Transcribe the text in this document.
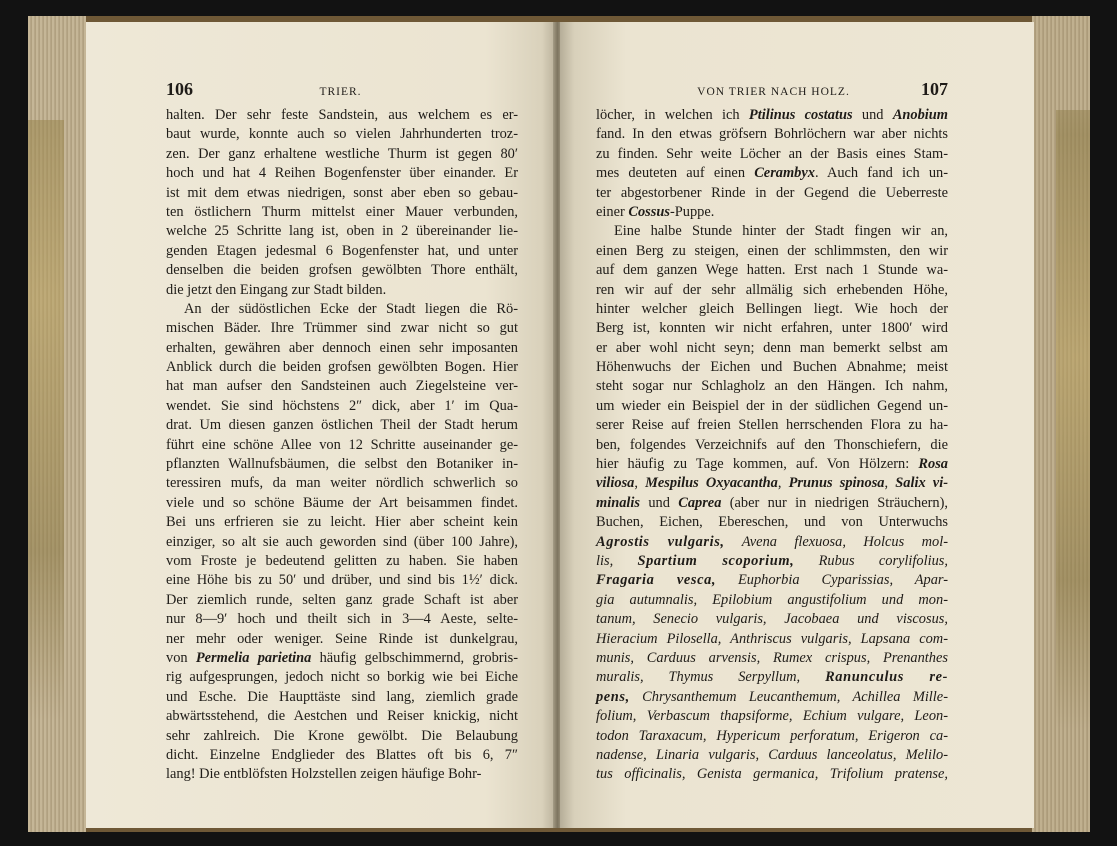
106	TRIER.
halten. Der sehr feste Sandstein, aus welchem es er-
baut wurde, konnte auch so vielen Jahrhunderten troz-
zen. Der ganz erhaltene westliche Thurm ist gegen 80′
hoch und hat 4 Reihen Bogenfenster über einander. Er
ist mit dem etwas niedrigen, sonst aber eben so gebau-
ten östlichern Thurm mittelst einer Mauer verbunden,
welche 25 Schritte lang ist, oben in 2 übereinander lie-
genden Etagen jedesmal 6 Bogenfenster hat, und unter
denselben die beiden grofsen gewölbten Thore enthält,
die jetzt den Eingang zur Stadt bilden.
An der südöstlichen Ecke der Stadt liegen die Rö-
mischen Bäder. Ihre Trümmer sind zwar nicht so gut
erhalten, gewähren aber dennoch einen sehr imposanten
Anblick durch die beiden grofsen gewölbten Bogen. Hier
hat man aufser den Sandsteinen auch Ziegelsteine ver-
wendet. Sie sind höchstens 2″ dick, aber 1′ im Qua-
drat. Um diesen ganzen östlichen Theil der Stadt herum
führt eine schöne Allee von 12 Schritte auseinander ge-
pflanzten Wallnufsbäumen, die selbst den Botaniker in-
teressiren mufs, da man weiter nördlich schwerlich so
viele und so schöne Bäume der Art beisammen findet.
Bei uns erfrieren sie zu leicht. Hier aber scheint kein
einziger, so alt sie auch geworden sind (über 100 Jahre),
vom Froste je bedeutend gelitten zu haben. Sie haben
eine Höhe bis zu 50′ und drüber, und sind bis 1½′ dick.
Der ziemlich runde, selten ganz grade Schaft ist aber
nur 8—9′ hoch und theilt sich in 3—4 Aeste, selte-
ner mehr oder weniger. Seine Rinde ist dunkelgrau,
von Permelia parietina häufig gelbschimmernd, grobris-
rig aufgesprungen, jedoch nicht so borkig wie bei Eiche
und Esche. Die Haupttäste sind lang, ziemlich grade
abwärtsstehend, die Aestchen und Reiser knickig, nicht
sehr zahlreich. Die Krone gewölbt. Die Belaubung
dicht. Einzelne Endglieder des Blattes oft bis 6, 7″
lang! Die entblöfsten Holzstellen zeigen häufige Bohr-
VON TRIER NACH HOLZ.	107
löcher, in welchen ich Ptilinus costatus und Anobium
fand. In den etwas gröfsern Bohrlöchern war aber nichts
zu finden. Sehr weite Löcher an der Basis eines Stam-
mes deuteten auf einen Cerambyx. Auch fand ich un-
ter abgestorbener Rinde in der Gegend die Ueberreste
einer Cossus-Puppe.
Eine halbe Stunde hinter der Stadt fingen wir an,
einen Berg zu steigen, einen der schlimmsten, den wir
auf dem ganzen Wege hatten. Erst nach 1 Stunde wa-
ren wir auf der sehr allmälig sich erhebenden Höhe,
hinter welcher gleich Bellingen liegt. Wie hoch der
Berg ist, konnten wir nicht erfahren, unter 1800′ wird
er aber wohl nicht seyn; denn man bemerkt selbst am
Höhenwuchs der Eichen und Buchen Abnahme; meist
steht sogar nur Schlagholz an den Hängen. Ich nahm,
um wieder ein Beispiel der in der südlichen Gegend un-
serer Reise auf freien Stellen herrschenden Flora zu ha-
ben, folgendes Verzeichnifs auf den Thonschiefern, die
hier häufig zu Tage kommen, auf. Von Hölzern: Rosa
viliosa, Mespilus Oxyacantha, Prunus spinosa, Salix vi-
minalis und Caprea (aber nur in niedrigen Sträuchern),
Buchen, Eichen, Ebereschen, und von Unterwuchs
Agrostis vulgaris, Avena flexuosa, Holcus mol-
lis, Spartium scoporium, Rubus corylifolius,
Fragaria vesca, Euphorbia Cyparissias, Apar-
gia autumnalis, Epilobium angustifolium und mon-
tanum, Senecio vulgaris, Jacobaea und viscosus,
Hieracium Pilosella, Anthriscus vulgaris, Lapsana com-
munis, Carduus arvensis, Rumex crispus, Prenanthes
muralis, Thymus Serpyllum, Ranunculus re-
pens, Chrysanthemum Leucanthemum, Achillea Mille-
folium, Verbascum thapsiforme, Echium vulgare, Leon-
todon Taraxacum, Hypericum perforatum, Erigeron ca-
nadense, Linaria vulgaris, Carduus lanceolatus, Melilo-
tus officinalis, Genista germanica, Trifolium pratense,
